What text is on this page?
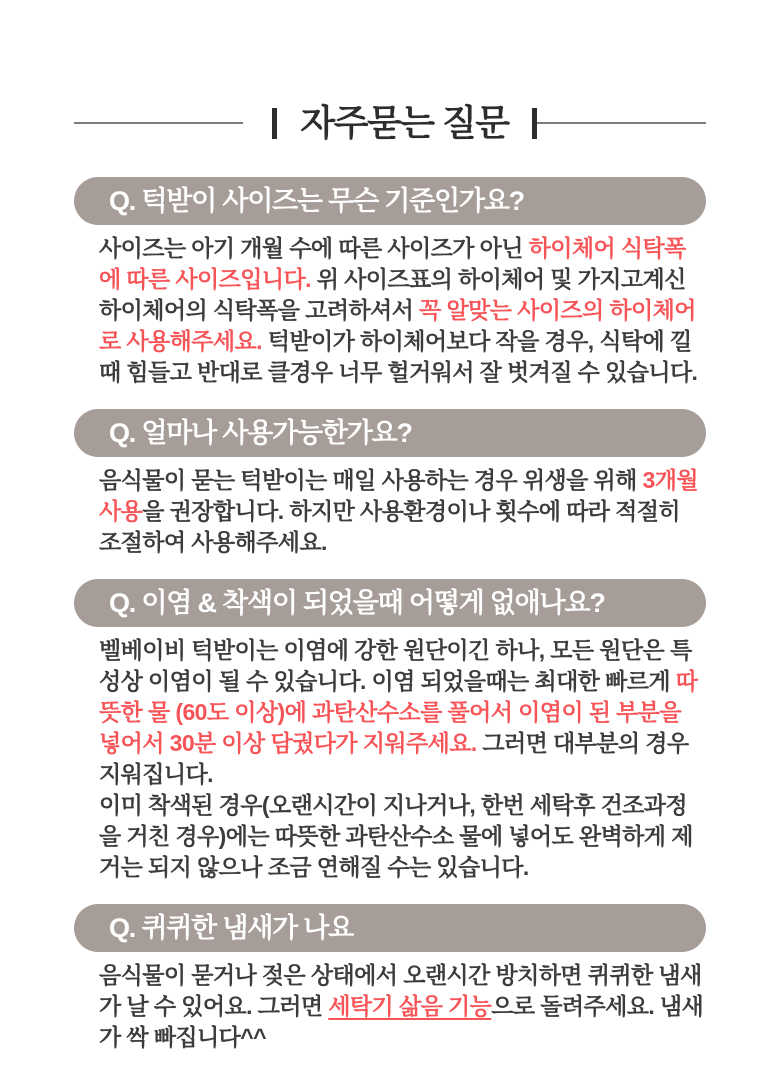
자주묻는 질문
Q. 턱받이 사이즈는 무슨 기준인가요?

사이즈는 아기 개월 수에 따른 사이즈가 아닌 하이체어 식탁폭에 따른 사이즈입니다. 위 사이즈표의 하이체어 및 가지고계신 하이체어의 식탁폭을 고려하셔서 꼭 알맞는 사이즈의 하이체어로 사용해주세요. 턱받이가 하이체어보다 작을 경우, 식탁에 낄때 힘들고 반대로 클경우 너무 헐거워서 잘 벗겨질 수 있습니다.

Q. 얼마나 사용가능한가요?

음식물이 묻는 턱받이는 매일 사용하는 경우 위생을 위해 3개월 사용을 권장합니다. 하지만 사용환경이나 횟수에 따라 적절히 조절하여 사용해주세요.

Q. 이염 & 착색이 되었을때 어떻게 없애나요?

벨베이비 턱받이는 이염에 강한 원단이긴 하나, 모든 원단은 특성상 이염이 될 수 있습니다. 이염 되었을때는 최대한 빠르게 따뜻한 물 (60도 이상)에 과탄산수소를 풀어서 이염이 된 부분을 넣어서 30분 이상 담궜다가 지워주세요. 그러면 대부분의 경우 지워집니다.
이미 착색된 경우(오랜시간이 지나거나, 한번 세탁후 건조과정을 거친 경우)에는 따뜻한 과탄산수소 물에 넣어도 완벽하게 제거는 되지 않으나 조금 연해질 수는 있습니다.

Q. 퀴퀴한 냄새가 나요

음식물이 묻거나 젖은 상태에서 오랜시간 방치하면 퀴퀴한 냄새가 날 수 있어요. 그러면 세탁기 삶음 기능으로 돌려주세요. 냄새가 싹 빠집니다^^
